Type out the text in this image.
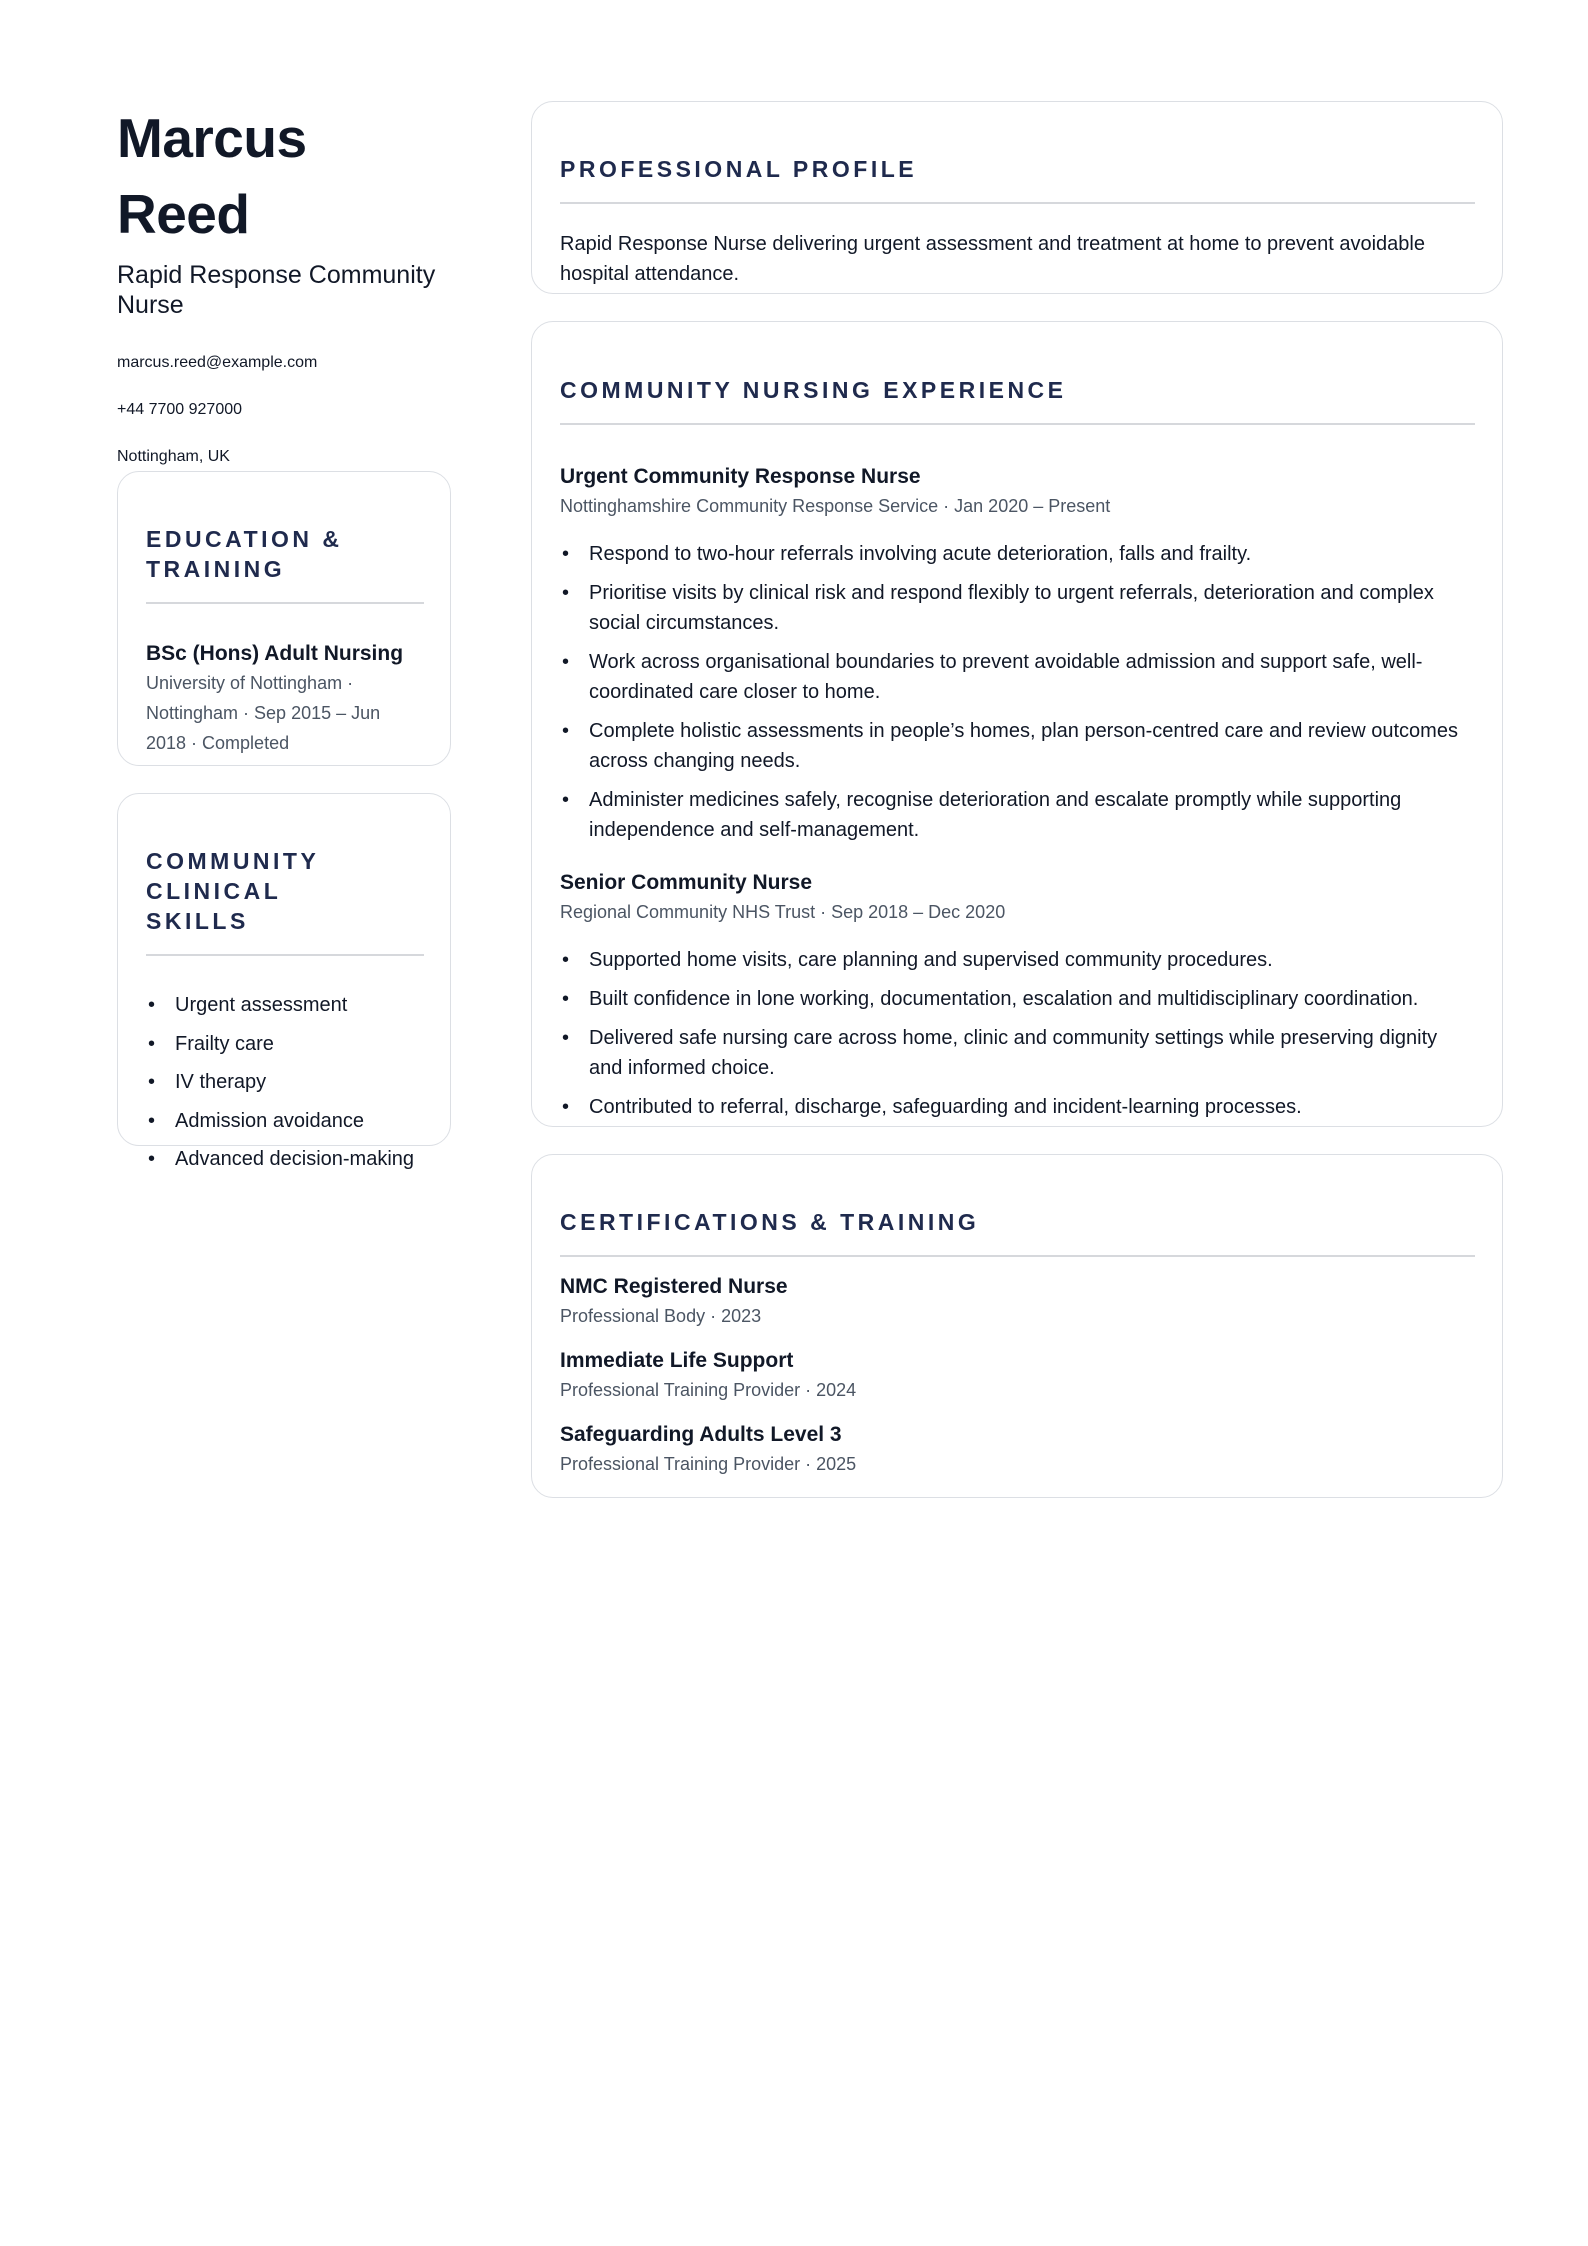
Marcus Reed
Rapid Response Community Nurse
marcus.reed@example.com
+44 7700 927000
Nottingham, UK
EDUCATION & TRAINING
BSc (Hons) Adult Nursing
University of Nottingham · Nottingham · Sep 2015 – Jun 2018 · Completed
COMMUNITY CLINICAL SKILLS
• Urgent assessment
• Frailty care
• IV therapy
• Admission avoidance
• Advanced decision-making
PROFESSIONAL PROFILE
Rapid Response Nurse delivering urgent assessment and treatment at home to prevent avoidable hospital attendance.
COMMUNITY NURSING EXPERIENCE
Urgent Community Response Nurse
Nottinghamshire Community Response Service · Jan 2020 – Present
• Respond to two-hour referrals involving acute deterioration, falls and frailty.
• Prioritise visits by clinical risk and respond flexibly to urgent referrals, deterioration and complex social circumstances.
• Work across organisational boundaries to prevent avoidable admission and support safe, well-coordinated care closer to home.
• Complete holistic assessments in people’s homes, plan person-centred care and review outcomes across changing needs.
• Administer medicines safely, recognise deterioration and escalate promptly while supporting independence and self-management.
Senior Community Nurse
Regional Community NHS Trust · Sep 2018 – Dec 2020
• Supported home visits, care planning and supervised community procedures.
• Built confidence in lone working, documentation, escalation and multidisciplinary coordination.
• Delivered safe nursing care across home, clinic and community settings while preserving dignity and informed choice.
• Contributed to referral, discharge, safeguarding and incident-learning processes.
CERTIFICATIONS & TRAINING
NMC Registered Nurse
Professional Body · 2023
Immediate Life Support
Professional Training Provider · 2024
Safeguarding Adults Level 3
Professional Training Provider · 2025
